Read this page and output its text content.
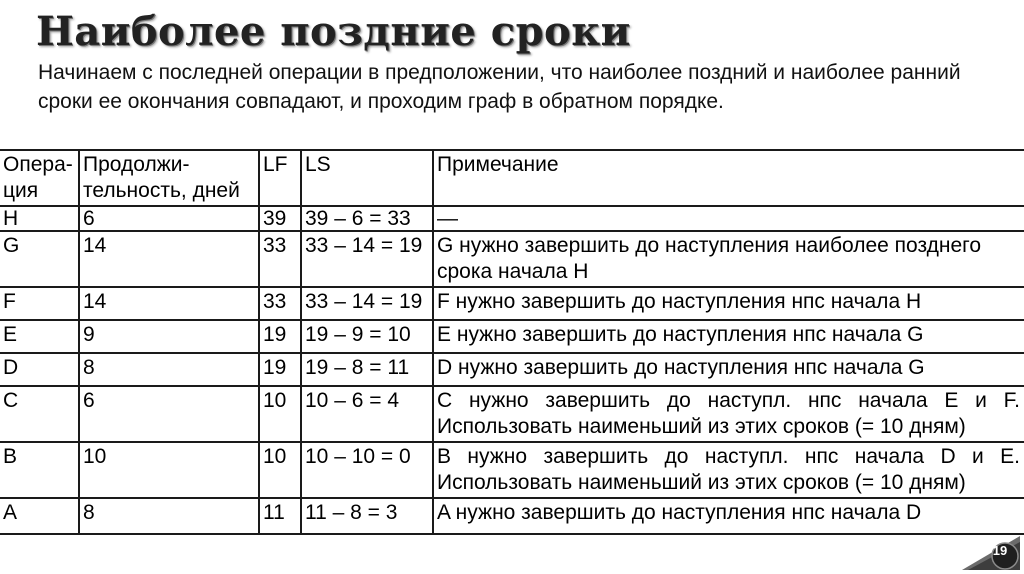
Наиболее поздние сроки
Начинаем с последней операции в предположении, что наиболее поздний и наиболее ранний сроки ее окончания совпадают, и проходим граф в обратном порядке.
Опера- ция	Продолжи- тельность, дней	LF	LS	Примечание
H	6	39	39 – 6 = 33	—
G	14	33	33 – 14 = 19	G нужно завершить до наступления наиболее позднего срока начала H
F	14	33	33 – 14 = 19	F нужно завершить до наступления нпс начала H
E	9	19	19 – 9 = 10	E нужно завершить до наступления нпс начала G
D	8	19	19 – 8 = 11	D нужно завершить до наступления нпс начала G
C	6	10	10 – 6 = 4	C нужно завершить до наступл. нпс начала E и F.
Использовать наименьший из этих сроков (= 10 дням)

B	10	10	10 – 10 = 0	B нужно завершить до наступл. нпс начала D и E.
Использовать наименьший из этих сроков (= 10 дням)

A	8	11	11 – 8 = 3	A нужно завершить до наступления нпс начала D
19
